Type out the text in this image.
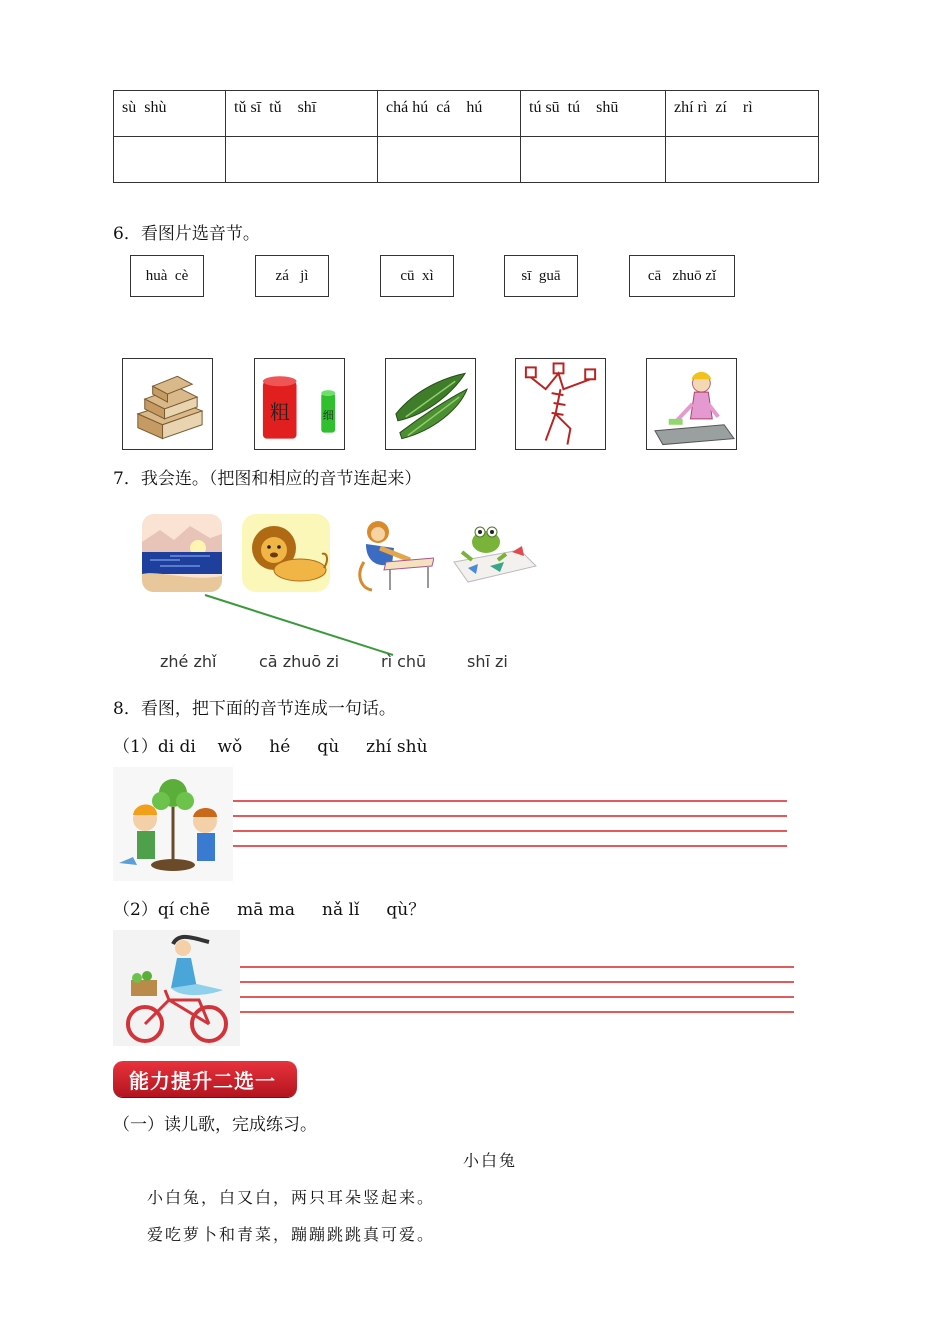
sù  shù	tǔ sī  tǔ    shī	chá hú  cá    hú	tú sū  tú    shū	zhí rì  zí    rì

6．看图片选音节。
huà  cè	zá   jì	cū  xì	sī  guā	cā   zhuō zǐ
粗	细
7．我会连。（把图和相应的音节连起来）
zhé zhǐ	cā zhuō zi	rì chū	shī zi
8．看图，把下面的音节连成一句话。
（1）di di    wǒ     hé     qù     zhí shù
（2）qí chē     mā ma     nǎ lǐ     qù？
能力提升二选一
（一）读儿歌，完成练习。
小白兔
小白兔，白又白，两只耳朵竖起来。
爱吃萝卜和青菜，蹦蹦跳跳真可爱。
